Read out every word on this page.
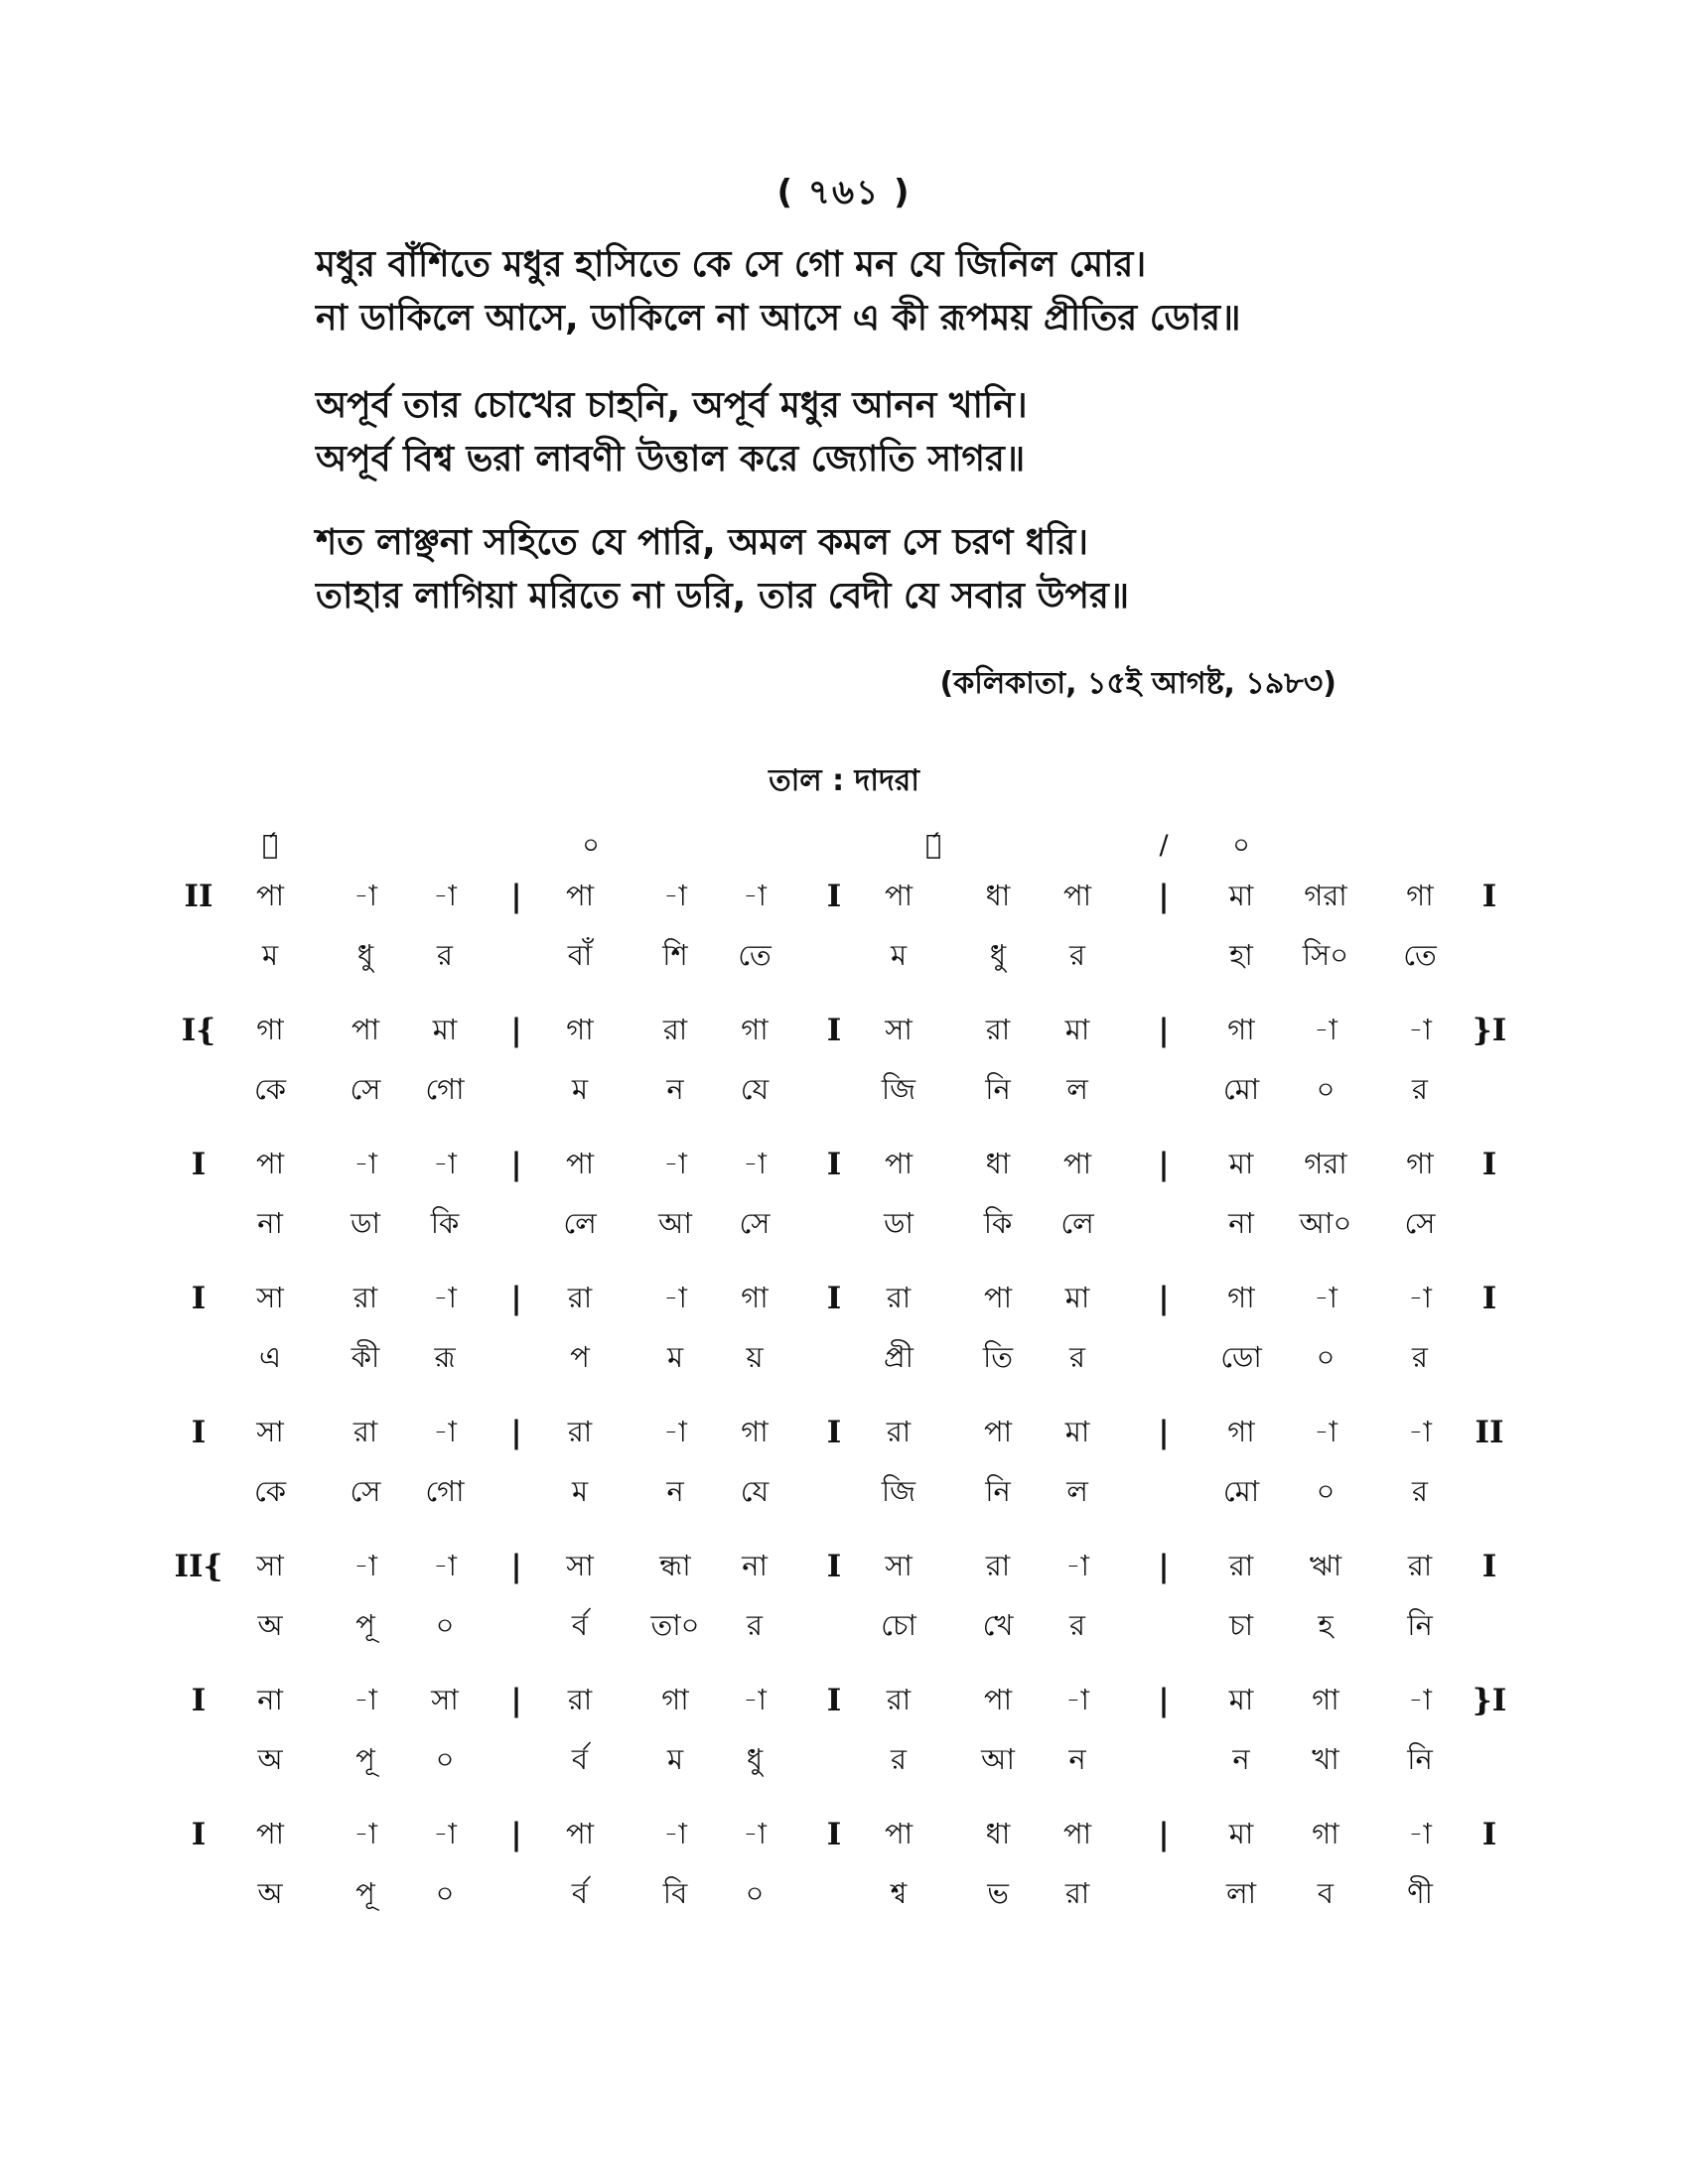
( ৭৬১ )
মধুর বাঁশিতে মধুর হাসিতে কে সে গো মন যে জিনিল মোর।
না ডাকিলে আসে, ডাকিলে না আসে এ কী রূপময় প্রীতির ডোর॥
অপূর্ব তার চোখের চাহনি, অপূর্ব মধুর আনন খানি।
অপূর্ব বিশ্ব ভরা লাবণী উত্তাল করে জ্যোতি সাগর॥
শত লাঞ্ছনা সহিতে যে পারি, অমল কমল সে চরণ ধরি।
তাহার লাগিয়া মরিতে না ডরি, তার বেদী যে সবার উপর॥
(কলিকাতা, ১৫ই আগষ্ট, ১৯৮৩)
তাল : দাদরা
১́	০	১́	/ ০
II পা -া -া | পা -া -া I পা	ধা পা | মা গরা গা I
ম	ধু র	বাঁ শি তে	ম	ধু র	হা সি০ তে
I{ গা পা মা | গা রা গা I সা	রা মা | গা -া -া }I
কে সে গো	ম	ন যে	জি নি ল	মো ০	র
I পা -া -া | পা -া -া I পা	ধা পা | মা গরা গা I
না ডা কি	লে আ সে	ডা কি লে	না আ০ সে
I সা রা -া | রা -া গা I রা	পা মা | গা -া -া I
এ কী রূ	প	ম য়	প্রী তি র	ডো ০	র
I সা রা -া | রা -া গা I রা	পা মা | গা -া -া II
কে সে গো	ম	ন যে	জি নি ল	মো ০	র
II{ সা -া -া | সা ন্ধা না I সা	রা -া | রা ঋা রা I
অ	পূ ০	র্ব তা০ র	চো খে র	চা হ	নি
I না -া সা | রা গা -া I রা	পা -া | মা গা -া }I
অ	পূ ০	র্ব	ম ধু	র	আ ন	ন খা নি
I পা -া -া | পা -া -া I পা	ধা পা | মা গা -া I
অ	পূ ০	র্ব	বি ০	শ্ব	ভ রা	লা ব	ণী
